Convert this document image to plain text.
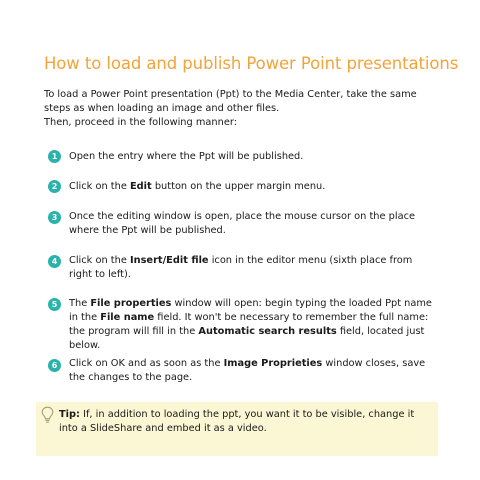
How to load and publish Power Point presentations

To load a Power Point presentation (Ppt) to the Media Center, take the same steps as when loading an image and other files.

Then, proceed in the following manner:

1	Open the entry where the Ppt will be published.
2	Click on the Edit button on the upper margin menu.
3	Once the editing window is open, place the mouse cursor on the place where the Ppt will be published.
4	Click on the Insert/Edit file icon in the editor menu (sixth place from right to left).
5	The File properties window will open: begin typing the loaded Ppt name in the File name field. It won't be necessary to remember the full name: the program will fill in the Automatic search results field, located just below.
6	Click on OK and as soon as the Image Proprieties window closes, save the changes to the page.
Tip: If, in addition to loading the ppt, you want it to be visible, change it into a SlideShare and embed it as a video.
